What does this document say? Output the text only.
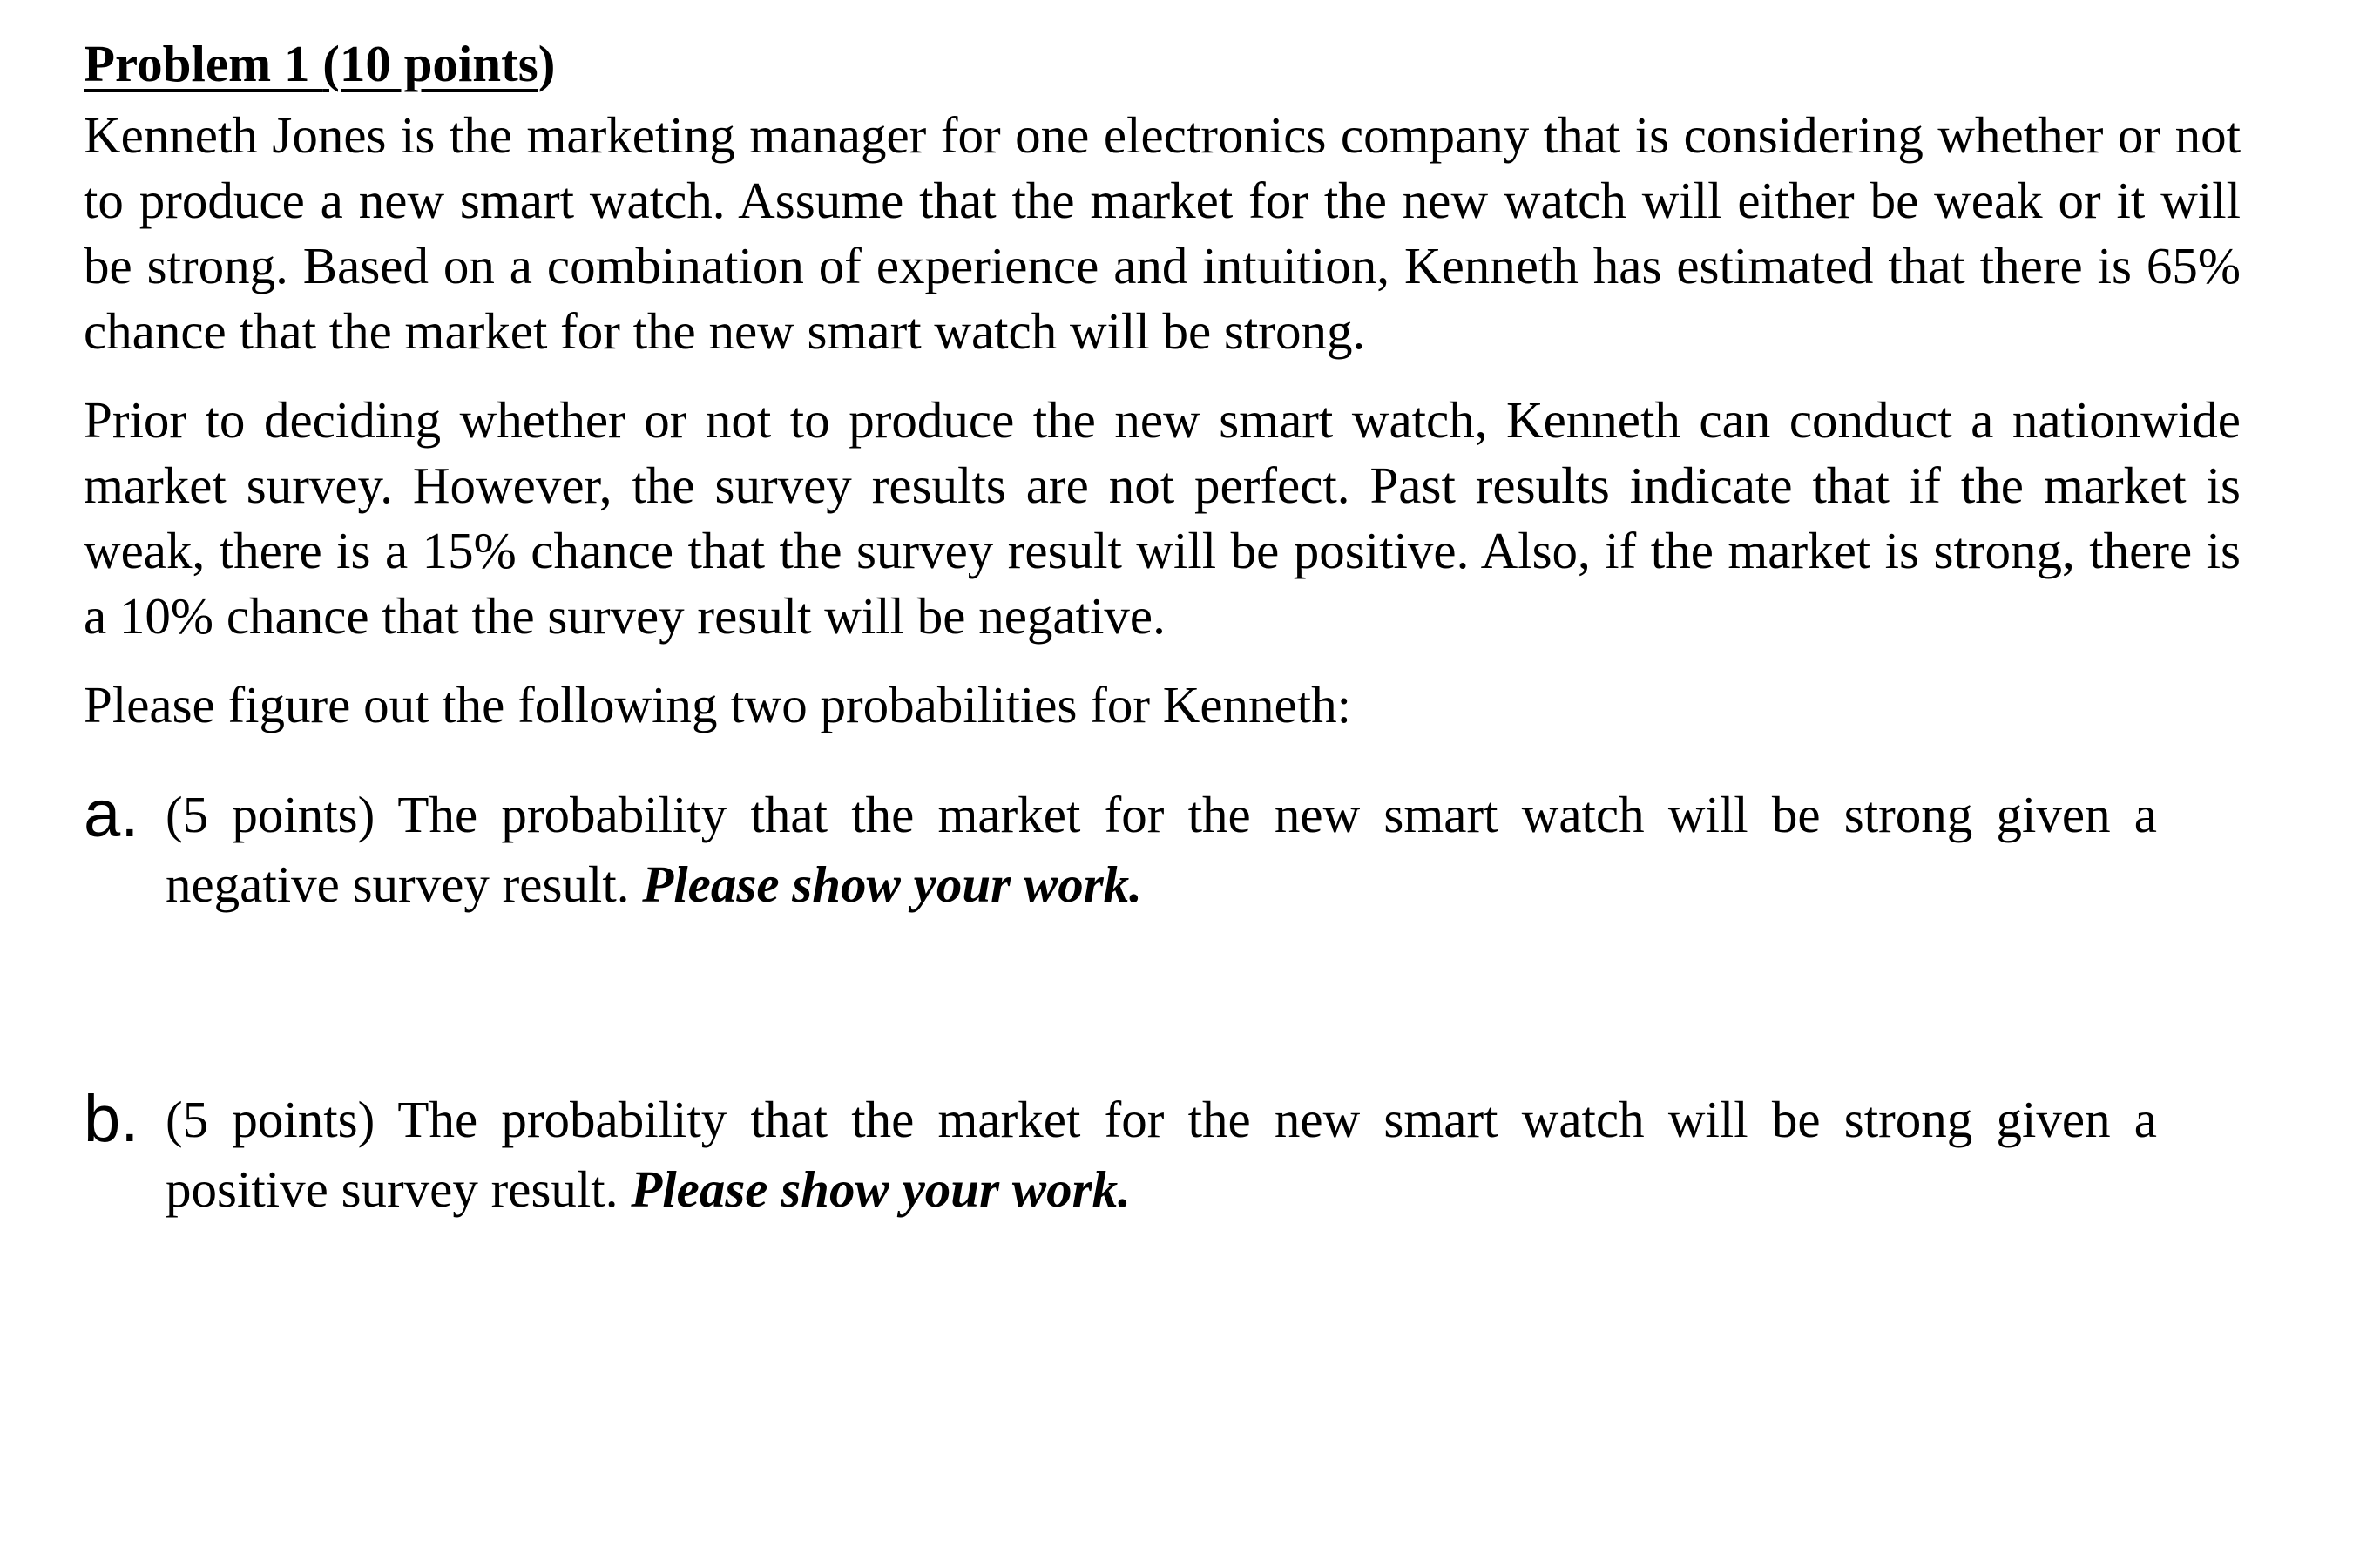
Problem 1 (10 points)

Kenneth Jones is the marketing manager for one electronics company that is considering whether or not to produce a new smart watch. Assume that the market for the new watch will either be weak or it will be strong. Based on a combination of experience and intuition, Kenneth has estimated that there is 65% chance that the market for the new smart watch will be strong.

Prior to deciding whether or not to produce the new smart watch, Kenneth can conduct a nationwide market survey. However, the survey results are not perfect. Past results indicate that if the market is weak, there is a 15% chance that the survey result will be positive. Also, if the market is strong, there is a 10% chance that the survey result will be negative.

Please figure out the following two probabilities for Kenneth:

a. (5 points) The probability that the market for the new smart watch will be strong given a negative survey result. Please show your work.
b. (5 points) The probability that the market for the new smart watch will be strong given a positive survey result. Please show your work.
